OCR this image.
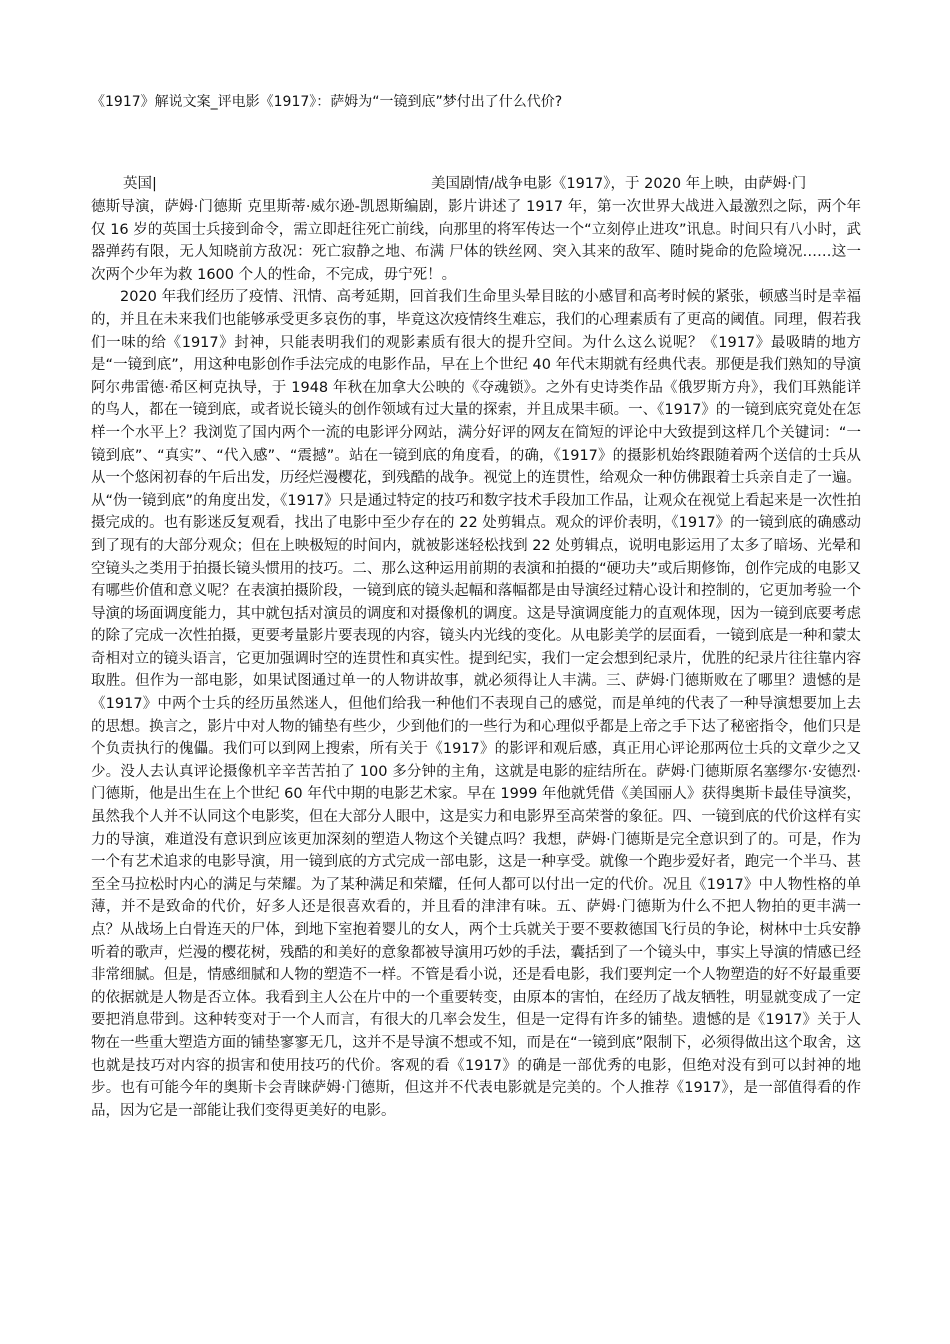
《1917》解说文案_评电影《1917》：萨姆为“一镜到底”梦付出了什么代价?
英国|	美国剧情/战争电影《1917》，于 2020 年上映，由萨姆·门

德斯导演，萨姆·门德斯 克里斯蒂·威尔逊-凯恩斯编剧，影片讲述了 1917 年，第一次世界大战进入最激烈之际，两个年仅 16 岁的英国士兵接到命令，需立即赶往死亡前线，向那里的将军传达一个“立刻停止进攻”讯息。时间只有八小时，武器弹药有限，无人知晓前方敌况：死亡寂静之地、布满 尸体的铁丝网、突入其来的敌军、随时毙命的危险境况……这一次两个少年为救 1600 个人的性命，不完成，毋宁死！。

2020 年我们经历了疫情、汛情、高考延期，回首我们生命里头晕目眩的小感冒和高考时候的紧张，顿感当时是幸福的，并且在未来我们也能够承受更多哀伤的事，毕竟这次疫情终生难忘，我们的心理素质有了更高的阈值。同理，假若我们一味的给《1917》封神，只能表明我们的观影素质有很大的提升空间。为什么这么说呢？《1917》最吸睛的地方是“一镜到底”，用这种电影创作手法完成的电影作品，早在上个世纪 40 年代末期就有经典代表。那便是我们熟知的导演阿尔弗雷德·希区柯克执导，于 1948 年秋在加拿大公映的《夺魂锁》。之外有史诗类作品《俄罗斯方舟》，我们耳熟能详的鸟人，都在一镜到底，或者说长镜头的创作领域有过大量的探索，并且成果丰硕。一、《1917》的一镜到底究竟处在怎样一个水平上？我浏览了国内两个一流的电影评分网站，满分好评的网友在简短的评论中大致提到这样几个关键词：“一镜到底”、“真实”、“代入感”、“震撼”。站在一镜到底的角度看，的确，《1917》的摄影机始终跟随着两个送信的士兵从从一个悠闲初春的午后出发，历经烂漫樱花，到残酷的战争。视觉上的连贯性，给观众一种仿佛跟着士兵亲自走了一遍。从“伪一镜到底”的角度出发，《1917》只是通过特定的技巧和数字技术手段加工作品，让观众在视觉上看起来是一次性拍摄完成的。也有影迷反复观看，找出了电影中至少存在的 22 处剪辑点。观众的评价表明，《1917》的一镜到底的确感动到了现有的大部分观众；但在上映极短的时间内，就被影迷轻松找到 22 处剪辑点，说明电影运用了太多了暗场、光晕和空镜头之类用于拍摄长镜头惯用的技巧。二、那么这种运用前期的表演和拍摄的“硬功夫”或后期修饰，创作完成的电影又有哪些价值和意义呢？在表演拍摄阶段，一镜到底的镜头起幅和落幅都是由导演经过精心设计和控制的，它更加考验一个导演的场面调度能力，其中就包括对演员的调度和对摄像机的调度。这是导演调度能力的直观体现，因为一镜到底要考虑的除了完成一次性拍摄，更要考量影片要表现的内容，镜头内光线的变化。从电影美学的层面看，一镜到底是一种和蒙太奇相对立的镜头语言，它更加强调时空的连贯性和真实性。提到纪实，我们一定会想到纪录片，优胜的纪录片往往靠内容取胜。但作为一部电影，如果试图通过单一的人物讲故事，就必须得让人丰满。三、萨姆·门德斯败在了哪里？遗憾的是《1917》中两个士兵的经历虽然迷人，但他们给我一种他们不表现自己的感觉，而是单纯的代表了一种导演想要加上去的思想。换言之，影片中对人物的铺垫有些少，少到他们的一些行为和心理似乎都是上帝之手下达了秘密指令，他们只是个负责执行的傀儡。我们可以到网上搜索，所有关于《1917》的影评和观后感，真正用心评论那两位士兵的文章少之又少。没人去认真评论摄像机辛辛苦苦拍了 100 多分钟的主角，这就是电影的症结所在。萨姆·门德斯原名塞缪尔·安德烈·门德斯，他是出生在上个世纪 60 年代中期的电影艺术家。早在 1999 年他就凭借《美国丽人》获得奥斯卡最佳导演奖，虽然我个人并不认同这个电影奖，但在大部分人眼中，这是实力和电影界至高荣誉的象征。四、一镜到底的代价这样有实力的导演，难道没有意识到应该更加深刻的塑造人物这个关键点吗？我想，萨姆·门德斯是完全意识到了的。可是，作为一个有艺术追求的电影导演，用一镜到底的方式完成一部电影，这是一种享受。就像一个跑步爱好者，跑完一个半马、甚至全马拉松时内心的满足与荣耀。为了某种满足和荣耀，任何人都可以付出一定的代价。况且《1917》中人物性格的单薄，并不是致命的代价，好多人还是很喜欢看的，并且看的津津有味。五、萨姆·门德斯为什么不把人物拍的更丰满一点？从战场上白骨连天的尸体，到地下室抱着婴儿的女人，两个士兵就关于要不要救德国飞行员的争论，树林中士兵安静听着的歌声，烂漫的樱花树，残酷的和美好的意象都被导演用巧妙的手法，囊括到了一个镜头中，事实上导演的情感已经非常细腻。但是，情感细腻和人物的塑造不一样。不管是看小说，还是看电影，我们要判定一个人物塑造的好不好最重要的依据就是人物是否立体。我看到主人公在片中的一个重要转变，由原本的害怕，在经历了战友牺牲，明显就变成了一定要把消息带到。这种转变对于一个人而言，有很大的几率会发生，但是一定得有许多的铺垫。遗憾的是《1917》关于人物在一些重大塑造方面的铺垫寥寥无几，这并不是导演不想或不知，而是在“一镜到底”限制下，必须得做出这个取舍，这也就是技巧对内容的损害和使用技巧的代价。客观的看《1917》的确是一部优秀的电影，但绝对没有到可以封神的地步。也有可能今年的奥斯卡会青睐萨姆·门德斯，但这并不代表电影就是完美的。个人推荐《1917》，是一部值得看的作品，因为它是一部能让我们变得更美好的电影。
